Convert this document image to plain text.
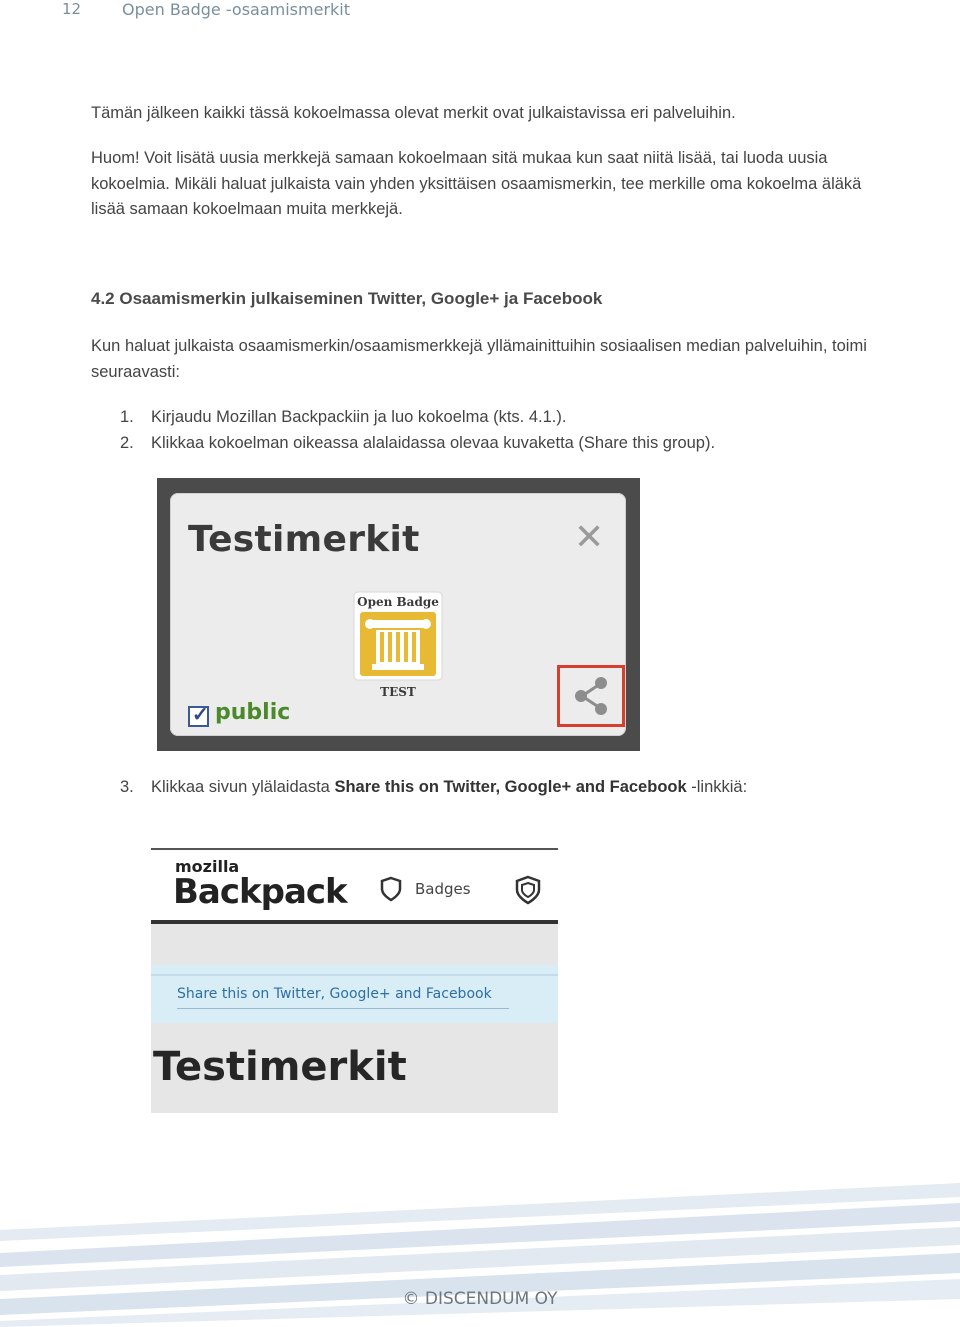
12	Open Badge -osaamismerkit

Tämän jälkeen kaikki tässä kokoelmassa olevat merkit ovat julkaistavissa eri palveluihin.

Huom! Voit lisätä uusia merkkejä samaan kokoelmaan sitä mukaa kun saat niitä lisää, tai luoda uusia kokoelmia. Mikäli haluat julkaista vain yhden yksittäisen osaamismerkin, tee merkille oma kokoelma äläkä lisää samaan kokoelmaan muita merkkejä.

4.2 Osaamismerkin julkaiseminen Twitter, Google+ ja Facebook

Kun haluat julkaista osaamismerkin/osaamismerkkejä yllämainittuihin sosiaalisen median palveluihin, toimi seuraavasti:

1. Kirjaudu Mozillan Backpackiin ja luo kokoelma (kts. 4.1.).
2. Klikkaa kokoelman oikeassa alalaidassa olevaa kuvaketta (Share this group).
Testimerkit	✕
Open Badge
TEST
✓ public
3. Klikkaa sivun ylälaidasta Share this on Twitter, Google+ and Facebook -linkkiä:
mozilla
Backpack	Badges
Share this on Twitter, Google+ and Facebook
Testimerkit
© DISCENDUM OY
